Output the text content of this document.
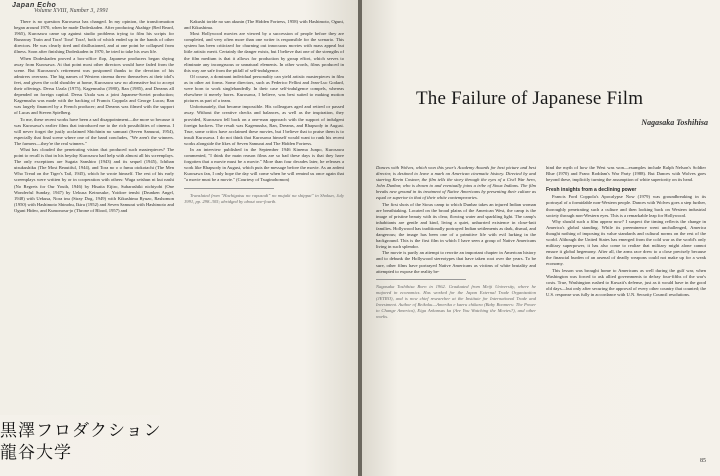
Japan Echo
Volume XVIII, Number 3, 1991

There is no question Kurosawa has changed. In my opinion, the transformation began around 1970, when he made Dodeskaden. After producing Akahige (Red Beard, 1965), Kurosawa came up against studio problems trying to film his scripts for Runaway Train and Tora! Tora! Tora!, both of which ended up in the hands of other directors. He was clearly tired and disillusioned, and at one point he collapsed from illness. Soon after finishing Dodeskaden in 1970, he tried to take his own life.

When Dodeskaden proved a box-office flop, Japanese producers began shying away from Kurosawa. At that point most other directors would have faded from the scene. But Kurosawa's retirement was postponed thanks to the devotion of his admirers overseas. The big names of Western cinema threw themselves at their idol's feet, and given the cold shoulder at home, Kurosawa saw no alternative but to accept their offerings. Dersu Uzala (1975), Kagemusha (1980), Ran (1985), and Dreams all depended on foreign capital. Dersu Uzala was a joint Japanese-Soviet production; Kagemusha was made with the backing of Francis Coppola and George Lucas; Ran was largely financed by a French producer; and Dreams was filmed with the support of Lucas and Steven Spielberg.

To me, these recent works have been a sad disappointment—the more so because it was Kurosawa's earlier films that introduced me to the rich possibilities of cinema. I will never forget the justly acclaimed Shichinin no samurai (Seven Samurai, 1954), especially that final scene where one of the band concludes, "We aren't the winners. The farmers—they're the real winners."

What has clouded the penetrating vision that produced such masterpieces? The point to recall is that in his heyday Kurosawa had help with almost all his screenplays. The only exceptions are Sugata Sanshiro (1943) and its sequel (1945), Ichiban utsukushiku (The Most Beautiful, 1944), and Tora no o o fumu otokotachi (The Men Who Tread on the Tiger's Tail, 1945), which he wrote himself. The rest of his early screenplays were written by or in cooperation with others: Waga seishun ni kui nashi (No Regrets for Our Youth, 1946) by Hisaita Eijiro, Subarashiki nichiyobi (One Wonderful Sunday, 1947) by Uekusa Keinosuke, Yoidore tenshi (Drunken Angel, 1948) with Uekusa, Nora inu (Stray Dog, 1949) with Kikushima Ryuzo, Rashomon (1950) with Hashimoto Shinobu, Ikiru (1952) and Seven Samurai with Hashimoto and Oguni Hideo, and Kumonosu-jo (Throne of Blood, 1957) and

Kakushi toride no san akunin (The Hidden Fortress, 1958) with Hashimoto, Oguni, and Kikushima.

Most Hollywood movies are viewed by a succession of people before they are completed, and very often more than one writer is responsible for the scenario. This system has been criticized for churning out innocuous movies with mass appeal but little artistic merit. Certainly the danger exists, but I believe that one of the strengths of the film medium is that it allows for production by group effort, which serves to eliminate any incongruous or unnatural elements. In other words, films produced in this way are safe from the pitfall of self-indulgence.

Of course, a dominant individual personality can yield artistic masterpieces in film as in other art forms. Some directors, such as Federico Fellini and Jean-Luc Godard, were born to work singlehandedly. In their case self-indulgence compels, whereas elsewhere it merely bores. Kurosawa, I believe, was best suited to making motion pictures as part of a team.

Unfortunately, that became impossible. His colleagues aged and retired or passed away. Without the creative checks and balances, as well as the inspiration, they provided, Kurosawa fell back on a one-man approach with the support of indulgent foreign backers. The result was Kagemusha, Ran, Dreams, and Rhapsody in August. True, some critics have acclaimed these movies, but I believe that to praise them is to insult Kurosawa. I do not think that Kurosawa himself would want to rank his recent works alongside the likes of Seven Samurai and The Hidden Fortress.

In an interview published in the September 1946 Kinema Junpo, Kurosawa commented, "I think the main reason films are so bad these days is that they have forgotten that a movie must be a movie." More than four decades later, he releases a work like Rhapsody in August, which puts the message before the movie. As an ardent Kurosawa fan, I only hope the day will come when he will remind us once again that "a movie must be a movie." (Courtesy of Tsuginohomon)

Translated from "Hachigatsu no rapusodi" no mujaki na shippai" in Shokun, July 1991, pp. 298–305; abridged by about one-fourth.

The Failure of Japanese Film
Nagasaka Toshihisa

Dances with Wolves, which won this year's Academy Awards for best picture and best director, is destined to leave a mark on American cinematic history. Directed by and starring Kevin Costner, the film tells the story through the eyes of a Civil War hero, John Dunbar, who is drawn to and eventually joins a tribe of Sioux Indians. The film breaks new ground in its treatment of Native Americans by presenting their culture as equal or superior to that of their white contemporaries.

The first shots of the Sioux camp to which Dunbar takes an injured Indian woman are breathtaking. Located on the broad plains of the American West, the camp is the image of pristine beauty with its clear, flowing water and sparkling light. The camp's inhabitants are gentle and kind, living a quiet, unhurried existence in close-knit families. Hollywood has traditionally portrayed Indian settlements as dark, dismal, and dangerous; the image has been one of a primitive life with evil lurking in the background. This is the first film in which I have seen a group of Native Americans living in such splendor.

The movie is partly an attempt to rewrite an important chapter in American history and to debunk the Hollywood stereotypes that have taken root over the years. To be sure, other films have portrayed Native Americans as victims of white brutality and attempted to expose the reality be-

Nagasaka Toshihisa Born in 1962. Graduated from Meiji University, where he majored in economics. Has worked for the Japan External Trade Organization (JETRO), and is now chief researcher at the Institute for International Trade and Investment. Author of Beikoku—Amerika e kaeru chikara (Baby Boomers: The Power to Change America), Eiga Arkansas ka (Are You Watching the Movies?), and other works.

hind the myth of how the West was won—examples include Ralph Nelson's Soldier Blue (1970) and Franc Roddam's War Party (1988). But Dances with Wolves goes beyond these, implicitly turning the assumption of white superiority on its head.

Fresh insights from a declining power

Francis Ford Coppola's Apocalypse Now (1979) was groundbreaking in its portrayal of a formidable non-Western people. Dances with Wolves goes a step further, thoroughly penetrating such a culture and then looking back on Western industrial society through non-Western eyes. This is a remarkable leap for Hollywood.

Why should such a film appear now? I suspect the timing reflects the change in America's global standing. While its preeminence went unchallenged, America thought nothing of imposing its value standards and cultural norms on the rest of the world. Although the United States has emerged from the cold war as the world's only military superpower, it has also come to realize that military might alone cannot ensure it global hegemony. After all, the arms race drew to a close precisely because the financial burden of an arsenal of deadly weapons could not make up for a weak economy.

This lesson was brought home to Americans as well during the gulf war, when Washington was forced to ask allied governments to defray four-fifths of the war's costs. True, Washington rushed to Kuwait's defense, just as it would have in the good old days—but only after securing the approval of every other country that counted; the U.S. response was fully in accordance with U.N. Security Council resolutions.

85
黒澤フロダクション
龍谷大学
